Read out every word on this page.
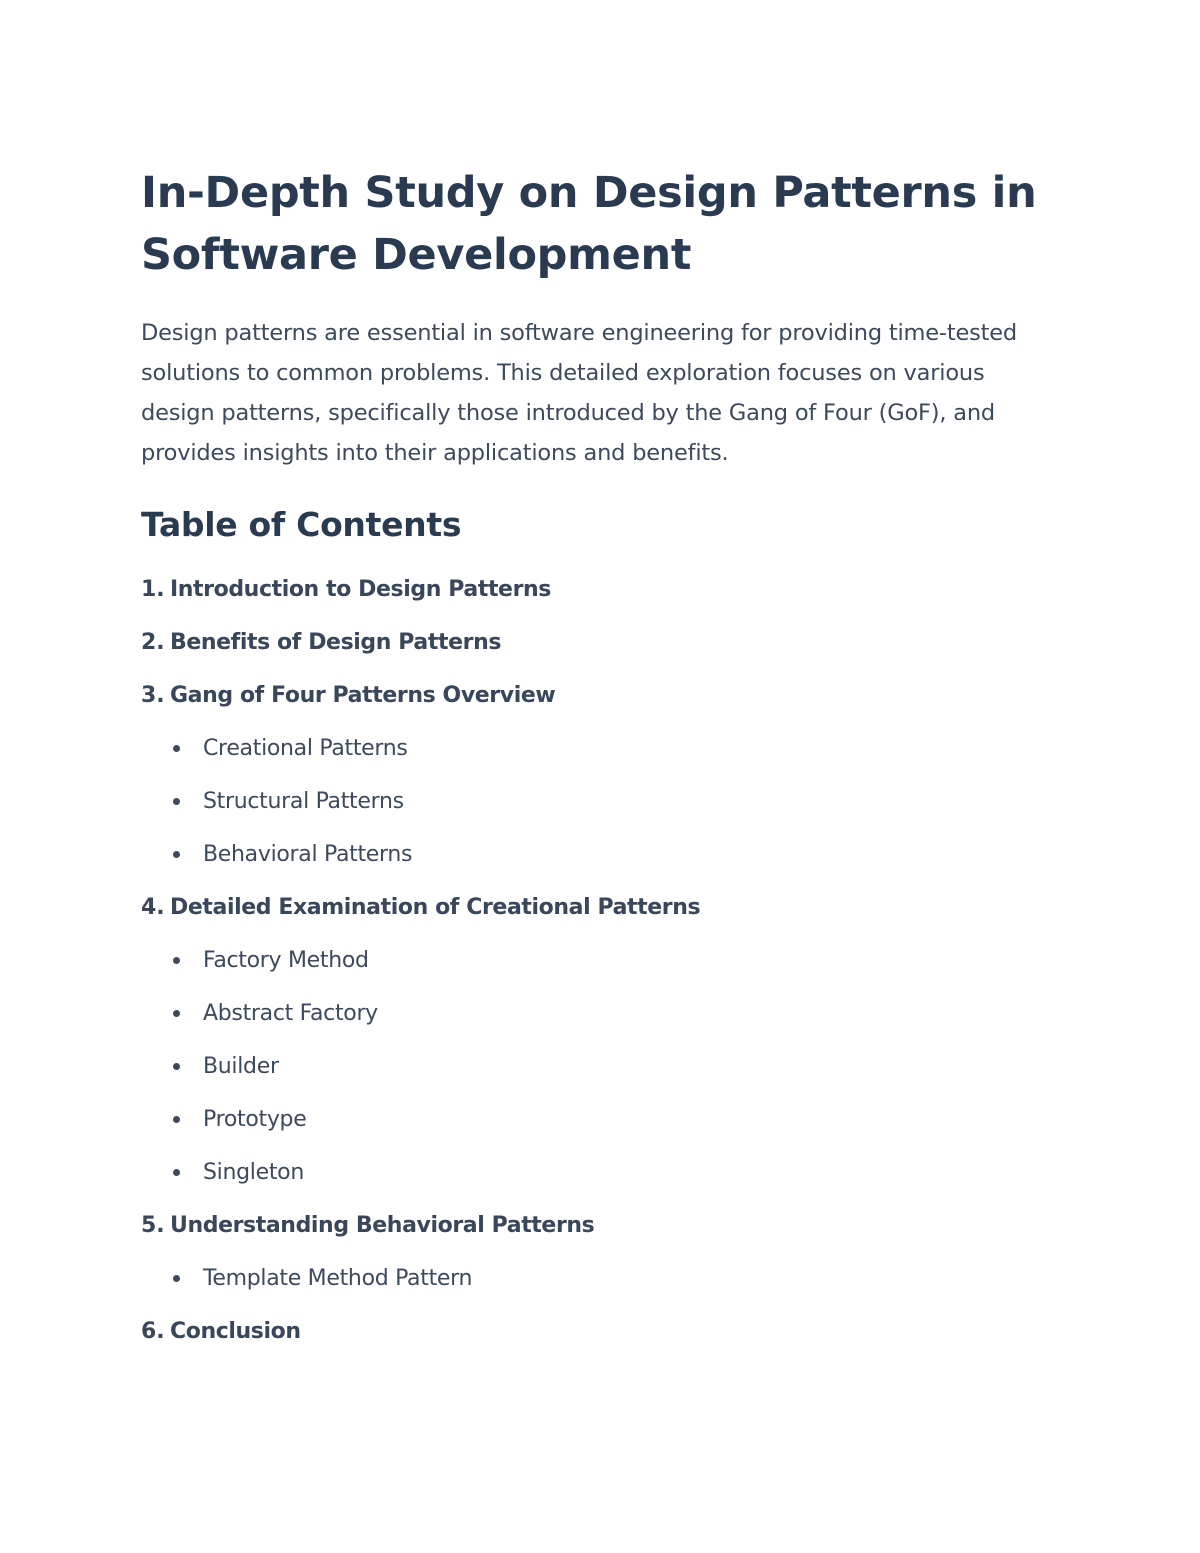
In-Depth Study on Design Patterns in Software Development

Design patterns are essential in software engineering for providing time-tested solutions to common problems. This detailed exploration focuses on various design patterns, specifically those introduced by the Gang of Four (GoF), and provides insights into their applications and benefits.

Table of Contents
1. Introduction to Design Patterns
2. Benefits of Design Patterns
3. Gang of Four Patterns Overview
Creational Patterns
Structural Patterns
Behavioral Patterns
4. Detailed Examination of Creational Patterns
Factory Method
Abstract Factory
Builder
Prototype
Singleton
5. Understanding Behavioral Patterns
Template Method Pattern
6. Conclusion
